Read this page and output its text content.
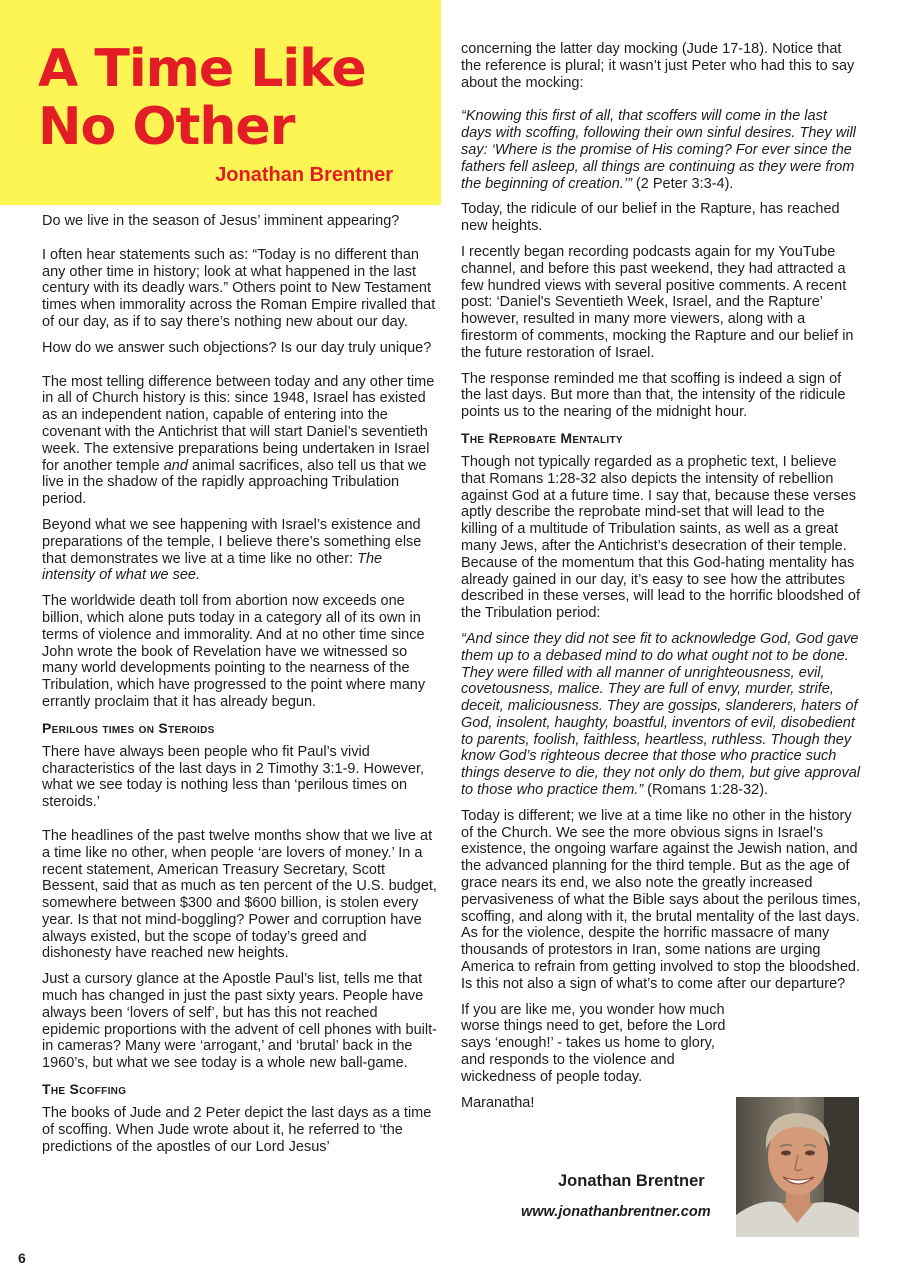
A Time Like
No Other
Jonathan Brentner

Do we live in the season of Jesus’ imminent appearing?

I often hear statements such as: “Today is no different than any other time in history; look at what happened in the last century with its deadly wars.” Others point to New Testament times when immorality across the Roman Empire rivalled that of our day, as if to say there’s nothing new about our day.

How do we answer such objections? Is our day truly unique?

The most telling difference between today and any other time in all of Church history is this: since 1948, Israel has existed as an independent nation, capable of entering into the covenant with the Antichrist that will start Daniel’s seventieth week. The extensive preparations being undertaken in Israel for another temple and animal sacrifices, also tell us that we live in the shadow of the rapidly approaching Tribulation period.

Beyond what we see happening with Israel’s existence and preparations of the temple, I believe there’s something else that demonstrates we live at a time like no other: The intensity of what we see.

The worldwide death toll from abortion now exceeds one billion, which alone puts today in a category all of its own in terms of violence and immorality. And at no other time since John wrote the book of Revelation have we witnessed so many world developments pointing to the nearness of the Tribulation, which have progressed to the point where many errantly proclaim that it has already begun.

Perilous times on Steroids

There have always been people who fit Paul’s vivid characteristics of the last days in 2 Timothy 3:1-9. However, what we see today is nothing less than ‘perilous times on steroids.’

The headlines of the past twelve months show that we live at a time like no other, when people ‘are lovers of money.’ In a recent statement, American Treasury Secretary, Scott Bessent, said that as much as ten percent of the U.S. budget, somewhere between $300 and $600 billion, is stolen every year. Is that not mind-boggling? Power and corruption have always existed, but the scope of today’s greed and dishonesty have reached new heights.

Just a cursory glance at the Apostle Paul’s list, tells me that much has changed in just the past sixty years. People have always been ‘lovers of self’, but has this not reached epidemic proportions with the advent of cell phones with built-in cameras? Many were ‘arrogant,’ and ‘brutal’ back in the 1960’s, but what we see today is a whole new ball-game.

The Scoffing

The books of Jude and 2 Peter depict the last days as a time of scoffing. When Jude wrote about it, he referred to ‘the predictions of the apostles of our Lord Jesus’

concerning the latter day mocking (Jude 17-18). Notice that the reference is plural; it wasn’t just Peter who had this to say about the mocking:

“Knowing this first of all, that scoffers will come in the last days with scoffing, following their own sinful desires. They will say: ‘Where is the promise of His coming? For ever since the fathers fell asleep, all things are continuing as they were from the beginning of creation.’” (2 Peter 3:3-4).

Today, the ridicule of our belief in the Rapture, has reached new heights.

I recently began recording podcasts again for my YouTube channel, and before this past weekend, they had attracted a few hundred views with several positive comments. A recent post: ‘Daniel's Seventieth Week, Israel, and the Rapture’ however, resulted in many more viewers, along with a firestorm of comments, mocking the Rapture and our belief in the future restoration of Israel.

The response reminded me that scoffing is indeed a sign of the last days. But more than that, the intensity of the ridicule points us to the nearing of the midnight hour.

The Reprobate Mentality

Though not typically regarded as a prophetic text, I believe that Romans 1:28-32 also depicts the intensity of rebellion against God at a future time. I say that, because these verses aptly describe the reprobate mind-set that will lead to the killing of a multitude of Tribulation saints, as well as a great many Jews, after the Antichrist’s desecration of their temple. Because of the momentum that this God-hating mentality has already gained in our day, it’s easy to see how the attributes described in these verses, will lead to the horrific bloodshed of the Tribulation period:

“And since they did not see fit to acknowledge God, God gave them up to a debased mind to do what ought not to be done. They were filled with all manner of unrighteousness, evil, covetousness, malice. They are full of envy, murder, strife, deceit, maliciousness. They are gossips, slanderers, haters of God, insolent, haughty, boastful, inventors of evil, disobedient to parents, foolish, faithless, heartless, ruthless. Though they know God’s righteous decree that those who practice such things deserve to die, they not only do them, but give approval to those who practice them.” (Romans 1:28-32).

Today is different; we live at a time like no other in the history of the Church. We see the more obvious signs in Israel’s existence, the ongoing warfare against the Jewish nation, and the advanced planning for the third temple. But as the age of grace nears its end, we also note the greatly increased pervasiveness of what the Bible says about the perilous times, scoffing, and along with it, the brutal mentality of the last days. As for the violence, despite the horrific massacre of many thousands of protestors in Iran, some nations are urging America to refrain from getting involved to stop the bloodshed. Is this not also a sign of what’s to come after our departure?

If you are like me, you wonder how much worse things need to get, before the Lord says ‘enough!’ - takes us home to glory, and responds to the violence and wickedness of people today.

Maranatha!

Jonathan Brentner
www.jonathanbrentner.com
6
